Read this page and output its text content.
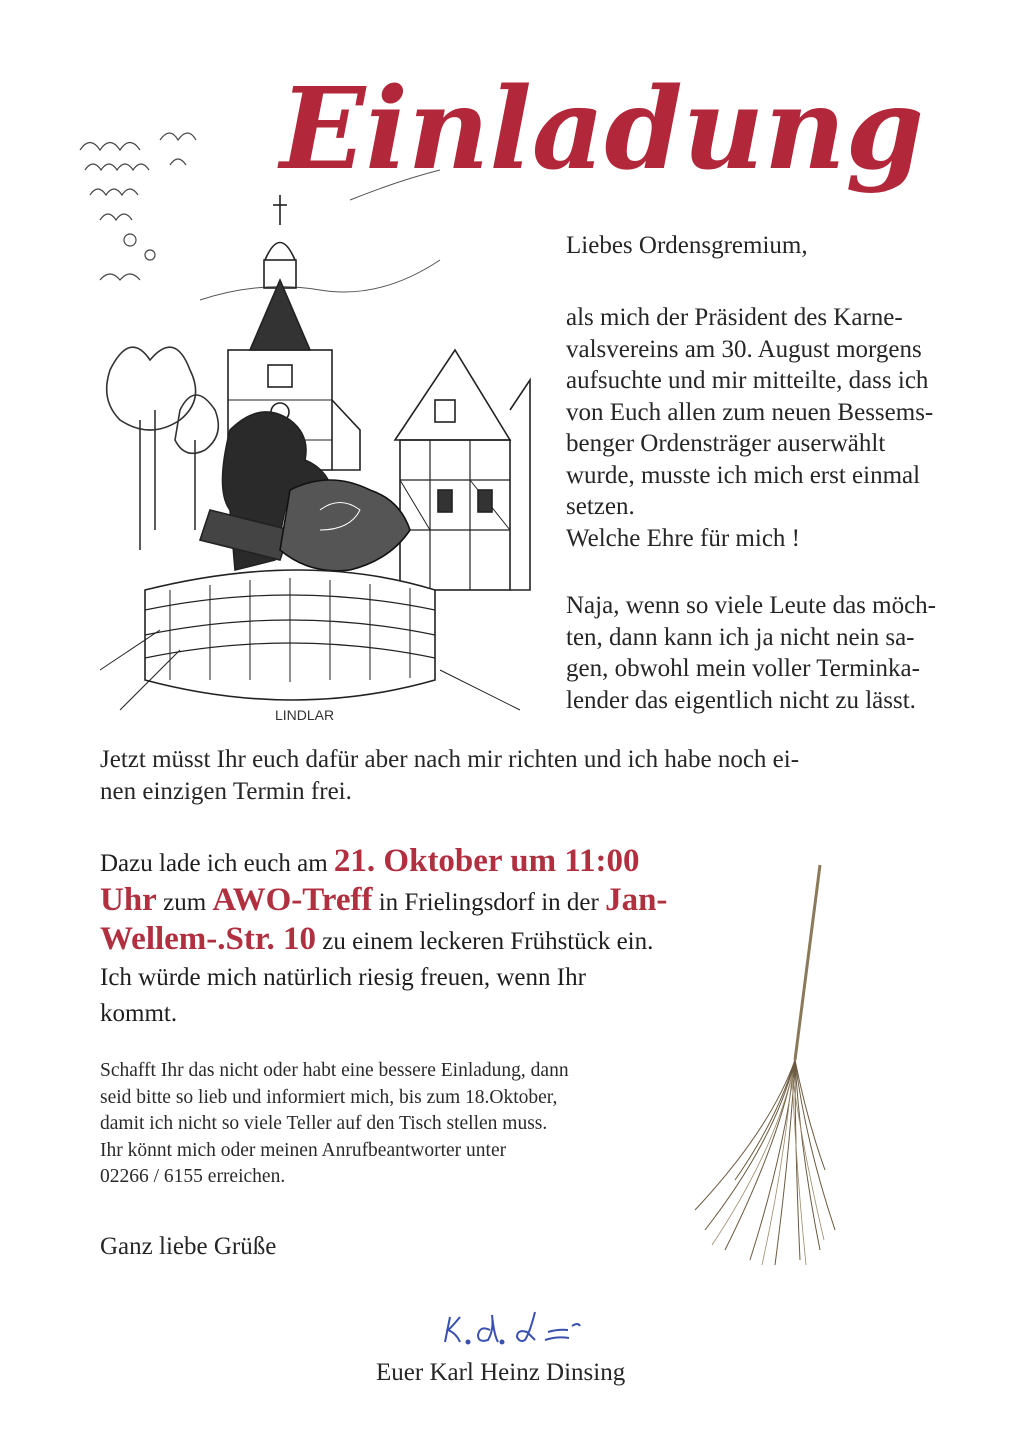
Einladung
LINDLAR
Liebes Ordensgremium,
als mich der Präsident des Karne-
valsvereins am 30. August morgens
aufsuchte und mir mitteilte, dass ich
von Euch allen zum neuen Bessems-
benger Ordensträger auserwählt
wurde, musste ich mich erst einmal
setzen.
Welche Ehre für mich !
Naja, wenn so viele Leute das möch-
ten, dann kann ich ja nicht nein sa-
gen, obwohl mein voller Terminka-
lender das eigentlich nicht zu lässt.
Jetzt müsst Ihr euch dafür aber nach mir richten und ich habe noch ei-
nen einzigen Termin frei.
Dazu lade ich euch am 21. Oktober um 11:00
Uhr zum AWO-Treff in Frielingsdorf in der Jan-
Wellem-.Str. 10 zu einem leckeren Frühstück ein.
Ich würde mich natürlich riesig freuen, wenn Ihr
kommt.
Schafft Ihr das nicht oder habt eine bessere Einladung, dann
seid bitte so lieb und informiert mich, bis zum 18.Oktober,
damit ich nicht so viele Teller auf den Tisch stellen muss.
Ihr könnt mich oder meinen Anrufbeantworter unter
02266 / 6155 erreichen.
Ganz liebe Grüße
Euer Karl Heinz Dinsing
